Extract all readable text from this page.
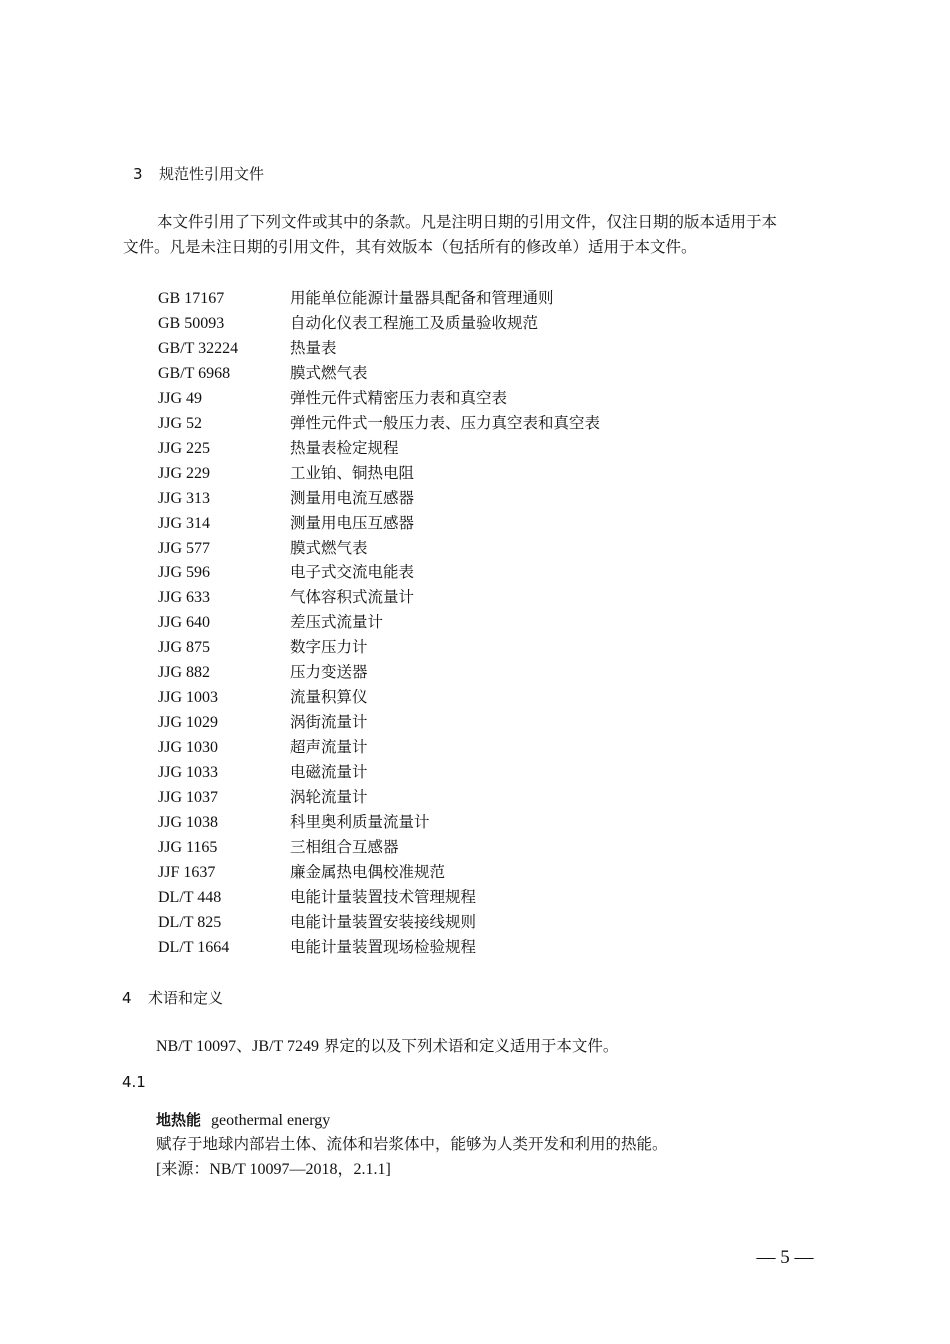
3 规范性引用文件
本文件引用了下列文件或其中的条款。凡是注明日期的引用文件，仅注日期的版本适用于本
文件。凡是未注日期的引用文件，其有效版本（包括所有的修改单）适用于本文件。
GB 17167	用能单位能源计量器具配备和管理通则
GB 50093	自动化仪表工程施工及质量验收规范
GB/T 32224	热量表
GB/T 6968	膜式燃气表
JJG 49	弹性元件式精密压力表和真空表
JJG 52	弹性元件式一般压力表、压力真空表和真空表
JJG 225	热量表检定规程
JJG 229	工业铂、铜热电阻
JJG 313	测量用电流互感器
JJG 314	测量用电压互感器
JJG 577	膜式燃气表
JJG 596	电子式交流电能表
JJG 633	气体容积式流量计
JJG 640	差压式流量计
JJG 875	数字压力计
JJG 882	压力变送器
JJG 1003	流量积算仪
JJG 1029	涡街流量计
JJG 1030	超声流量计
JJG 1033	电磁流量计
JJG 1037	涡轮流量计
JJG 1038	科里奥利质量流量计
JJG 1165	三相组合互感器
JJF 1637	廉金属热电偶校准规范
DL/T 448	电能计量装置技术管理规程
DL/T 825	电能计量装置安装接线规则
DL/T 1664	电能计量装置现场检验规程
4 术语和定义
NB/T 10097、JB/T 7249 界定的以及下列术语和定义适用于本文件。
4.1
地热能 geothermal energy
赋存于地球内部岩土体、流体和岩浆体中，能够为人类开发和利用的热能。
[来源：NB/T 10097—2018，2.1.1]
— 5 —
